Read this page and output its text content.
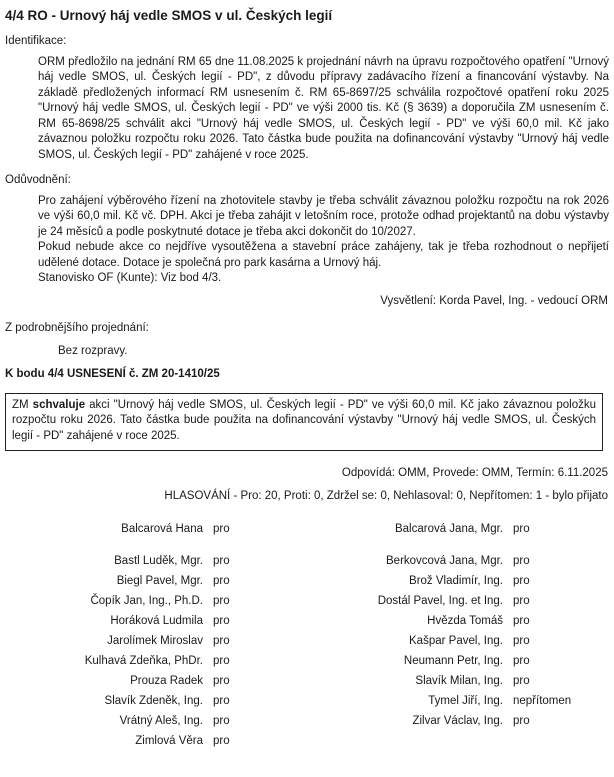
4/4 RO - Urnový háj vedle SMOS v ul. Českých legií
Identifikace:

ORM předložilo na jednání RM 65 dne 11.08.2025 k projednání návrh na úpravu rozpočtového opatření "Urnový háj vedle SMOS, ul. Českých legií - PD", z důvodu přípravy zadávacího řízení a financování výstavby. Na základě předložených informací RM usnesením č. RM 65-8697/25 schválila rozpočtové opatření roku 2025 "Urnový háj vedle SMOS, ul. Českých legií - PD" ve výši 2000 tis. Kč (§ 3639) a doporučila ZM usnesením č. RM 65-8698/25 schválit akci "Urnový háj vedle SMOS, ul. Českých legií - PD" ve výši 60,0 mil. Kč jako závaznou položku rozpočtu roku 2026. Tato částka bude použita na dofinancování výstavby "Urnový háj vedle SMOS, ul. Českých legií - PD" zahájené v roce 2025.

Odůvodnění:

Pro zahájení výběrového řízení na zhotovitele stavby je třeba schválit závaznou položku rozpočtu na rok 2026 ve výši 60,0 mil. Kč vč. DPH. Akci je třeba zahájit v letošním roce, protože odhad projektantů na dobu výstavby je 24 měsíců a podle poskytnuté dotace je třeba akci dokončit do 10/2027.

Pokud nebude akce co nejdříve vysoutěžena a stavební práce zahájeny, tak je třeba rozhodnout o nepřijetí udělené dotace. Dotace je společná pro park kasárna a Urnový háj.

Stanovisko OF (Kunte): Viz bod 4/3.

Vysvětlení: Korda Pavel, Ing. - vedoucí ORM
Z podrobnějšího projednání:
Bez rozpravy.
K bodu 4/4 USNESENÍ č. ZM 20-1410/25
ZM schvaluje akci "Urnový háj vedle SMOS, ul. Českých legií - PD" ve výši 60,0 mil. Kč jako závaznou položku rozpočtu roku 2026. Tato částka bude použita na dofinancování výstavby "Urnový háj vedle SMOS, ul. Českých legií - PD" zahájené v roce 2025.
Odpovídá: OMM, Provede: OMM, Termín: 6.11.2025
HLASOVÁNÍ - Pro: 20, Proti: 0, Zdržel se: 0, Nehlasoval: 0, Nepřítomen: 1 - bylo přijato
Balcarová Hana pro
Bastl Luděk, Mgr. pro
Biegl Pavel, Mgr. pro
Čopík Jan, Ing., Ph.D. pro
Horáková Ludmila pro
Jarolímek Miroslav pro
Kulhavá Zdeňka, PhDr. pro
Prouza Radek pro
Slavík Zdeněk, Ing. pro
Vrátný Aleš, Ing. pro
Zimlová Věra pro
Balcarová Jana, Mgr. pro
Berkovcová Jana, Mgr. pro
Brož Vladimír, Ing. pro
Dostál Pavel, Ing. et Ing. pro
Hvězda Tomáš pro
Kašpar Pavel, Ing. pro
Neumann Petr, Ing. pro
Slavík Milan, Ing. pro
Tymel Jiří, Ing. nepřítomen
Zilvar Václav, Ing. pro
